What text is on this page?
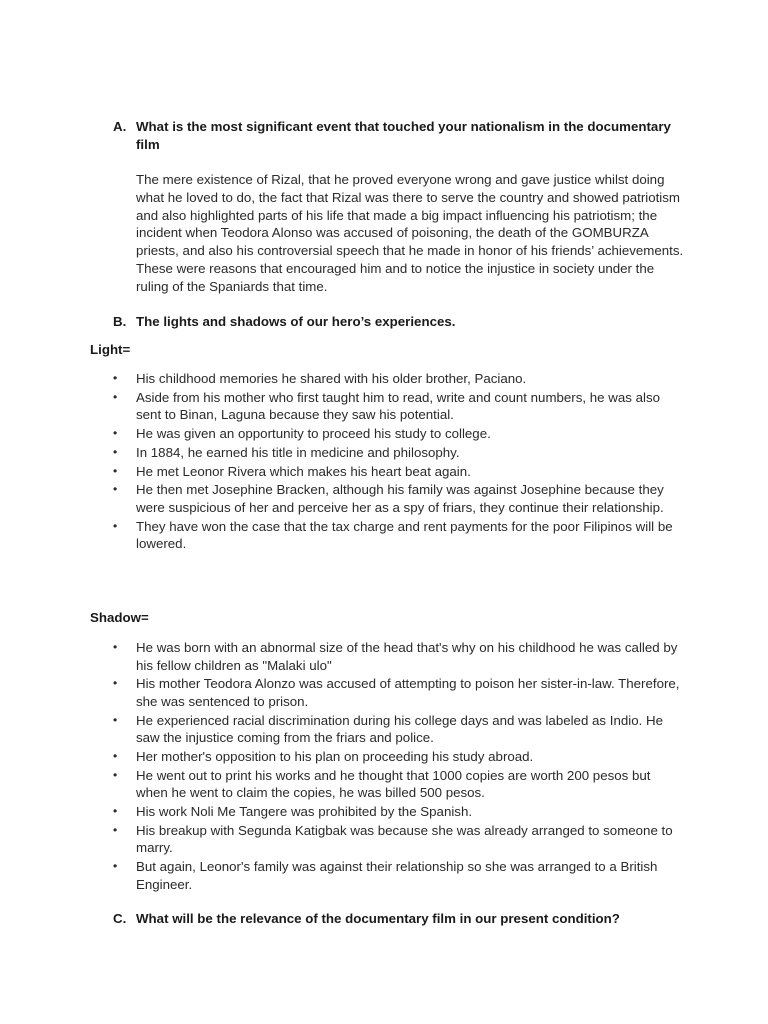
A. What is the most significant event that touched your nationalism in the documentary film
The mere existence of Rizal, that he proved everyone wrong and gave justice whilst doing what he loved to do, the fact that Rizal was there to serve the country and showed patriotism and also highlighted parts of his life that made a big impact influencing his patriotism; the incident when Teodora Alonso was accused of poisoning, the death of the GOMBURZA priests, and also his controversial speech that he made in honor of his friends’ achievements. These were reasons that encouraged him and to notice the injustice in society under the ruling of the Spaniards that time.
B. The lights and shadows of our hero’s experiences.
Light=
• His childhood memories he shared with his older brother, Paciano.
• Aside from his mother who first taught him to read, write and count numbers, he was also sent to Binan, Laguna because they saw his potential.
• He was given an opportunity to proceed his study to college.
• In 1884, he earned his title in medicine and philosophy.
• He met Leonor Rivera which makes his heart beat again.
• He then met Josephine Bracken, although his family was against Josephine because they were suspicious of her and perceive her as a spy of friars, they continue their relationship.
• They have won the case that the tax charge and rent payments for the poor Filipinos will be lowered.
Shadow=
• He was born with an abnormal size of the head that's why on his childhood he was called by his fellow children as "Malaki ulo"
• His mother Teodora Alonzo was accused of attempting to poison her sister-in-law. Therefore, she was sentenced to prison.
• He experienced racial discrimination during his college days and was labeled as Indio. He saw the injustice coming from the friars and police.
• Her mother's opposition to his plan on proceeding his study abroad.
• He went out to print his works and he thought that 1000 copies are worth 200 pesos but when he went to claim the copies, he was billed 500 pesos.
• His work Noli Me Tangere was prohibited by the Spanish.
• His breakup with Segunda Katigbak was because she was already arranged to someone to marry.
• But again, Leonor's family was against their relationship so she was arranged to a British Engineer.
C. What will be the relevance of the documentary film in our present condition?
